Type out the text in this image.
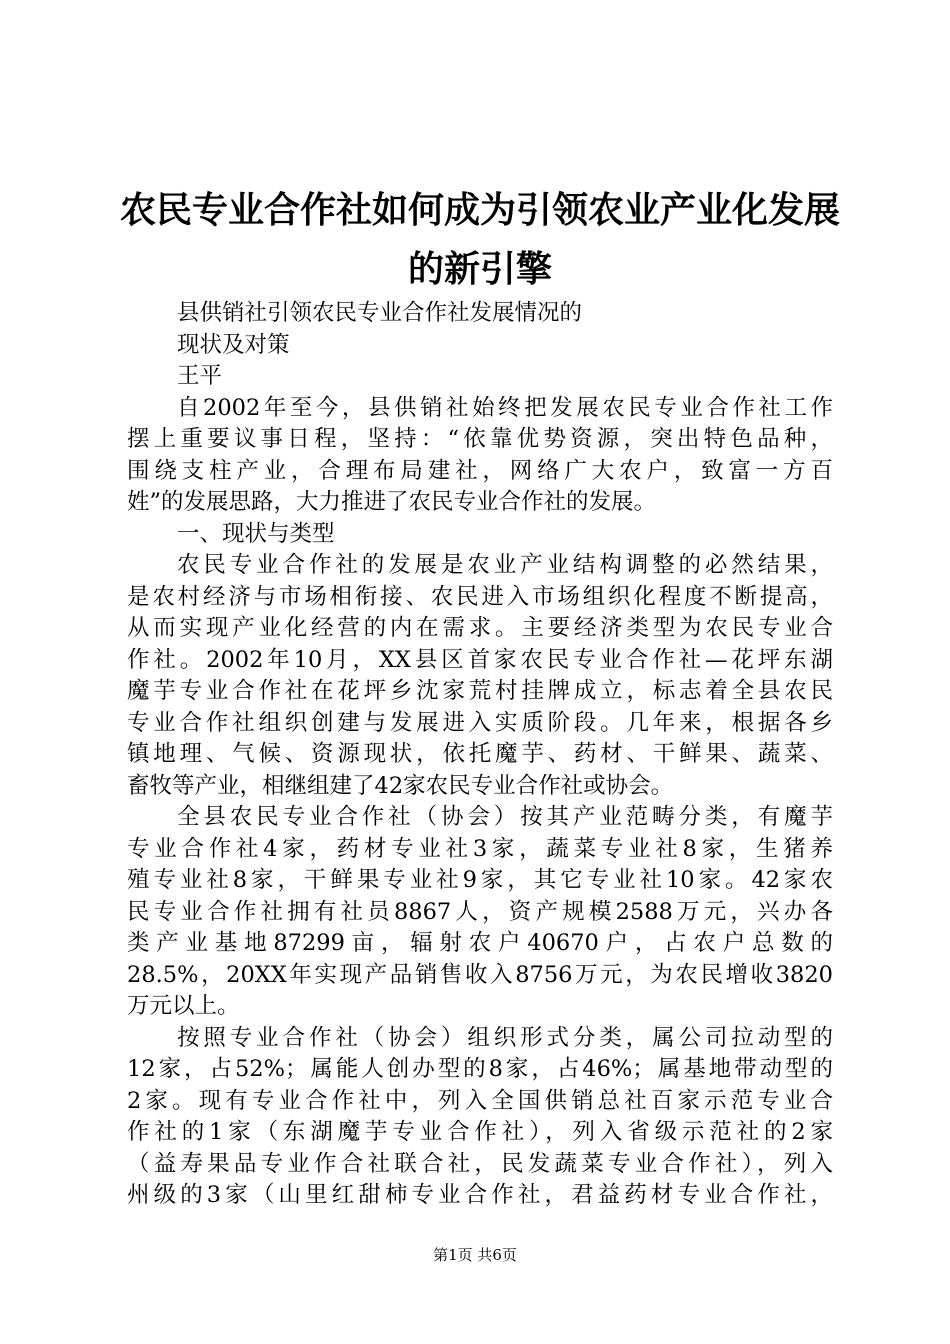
农民专业合作社如何成为引领农业产业化发展
的新引擎
县供销社引领农民专业合作社发展情况的
现状及对策
王平
自2002年至今，县供销社始终把发展农民专业合作社工作
摆上重要议事日程，坚持：“依靠优势资源，突出特色品种，
围绕支柱产业，合理布局建社，网络广大农户，致富一方百
姓”的发展思路，大力推进了农民专业合作社的发展。
一、现状与类型
农民专业合作社的发展是农业产业结构调整的必然结果，
是农村经济与市场相衔接、农民进入市场组织化程度不断提高，
从而实现产业化经营的内在需求。主要经济类型为农民专业合
作社。2002年10月，XX县区首家农民专业合作社—花坪东湖
魔芋专业合作社在花坪乡沈家荒村挂牌成立，标志着全县农民
专业合作社组织创建与发展进入实质阶段。几年来，根据各乡
镇地理、气候、资源现状，依托魔芋、药材、干鲜果、蔬菜、
畜牧等产业，相继组建了42家农民专业合作社或协会。
全县农民专业合作社（协会）按其产业范畴分类，有魔芋
专业合作社4家，药材专业社3家，蔬菜专业社8家，生猪养
殖专业社8家，干鲜果专业社9家，其它专业社10家。42家农
民专业合作社拥有社员8867人，资产规模2588万元，兴办各
类产业基地87299亩，辐射农户40670户，占农户总数的
28.5%，20XX年实现产品销售收入8756万元，为农民增收3820
万元以上。
按照专业合作社（协会）组织形式分类，属公司拉动型的
12家，占52%；属能人创办型的8家，占46%；属基地带动型的
2家。现有专业合作社中，列入全国供销总社百家示范专业合
作社的1家（东湖魔芋专业合作社），列入省级示范社的2家
（益寿果品专业作合社联合社，民发蔬菜专业合作社），列入
州级的3家（山里红甜柿专业合作社，君益药材专业合作社，
第1页 共6页
